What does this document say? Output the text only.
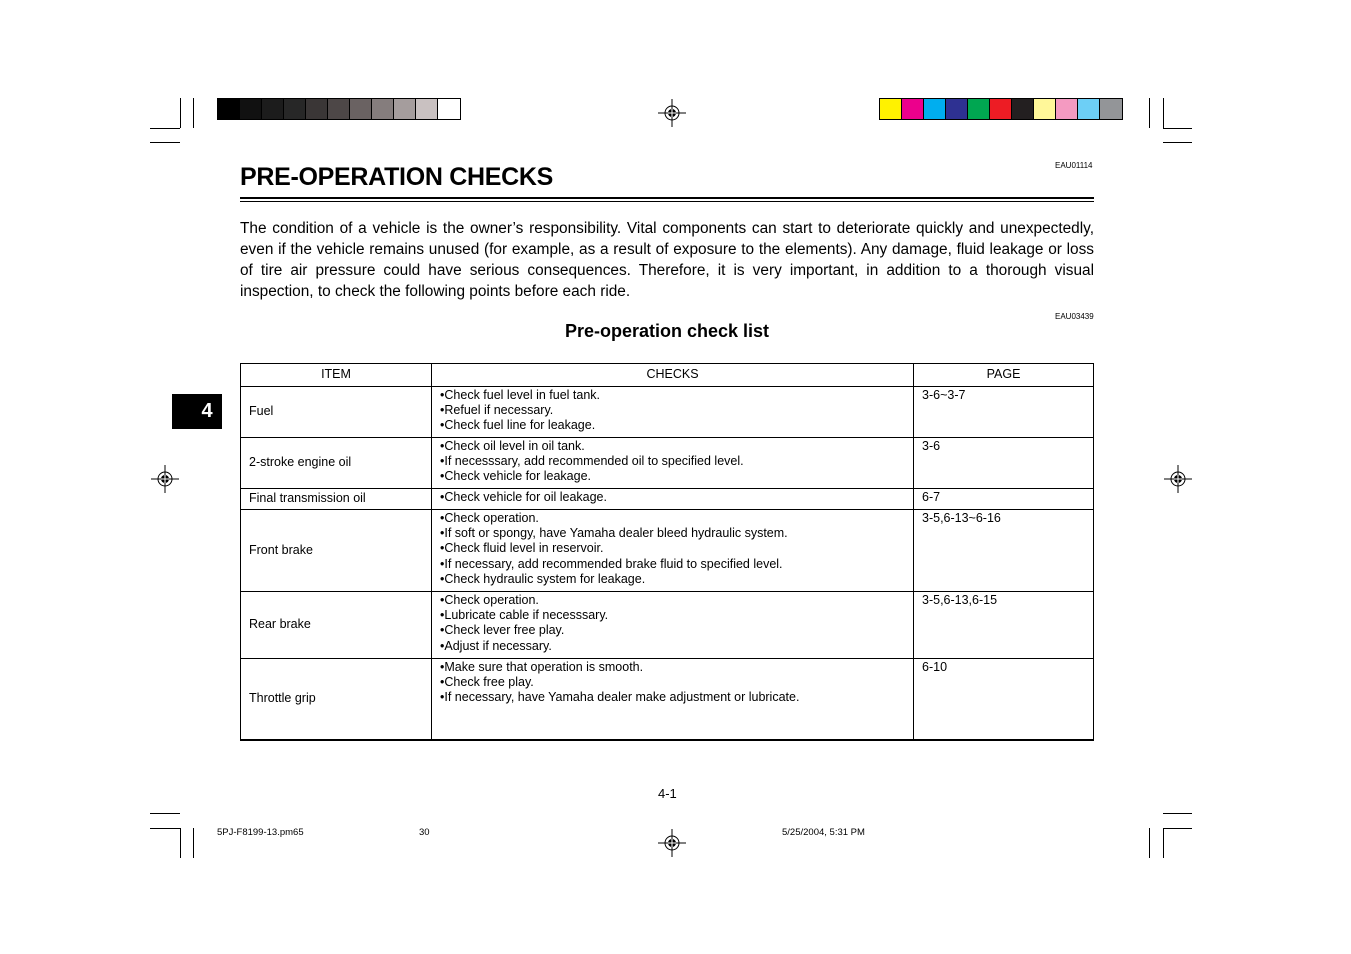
EAU01114
PRE-OPERATION CHECKS

The condition of a vehicle is the owner’s responsibility. Vital components can start to deteriorate quickly and unexpectedly, even if the vehicle remains unused (for example, as a result of exposure to the elements). Any damage, fluid leakage or loss of tire air pressure could have serious consequences. Therefore, it is very important, in addition to a thorough visual inspection, to check the following points before each ride.

EAU03439
Pre-operation check list
4
ITEM	CHECKS	PAGE
Fuel	• Check fuel level in fuel tank.
• Refuel if necessary.
• Check fuel line for leakage.	3-6~3-7
2-stroke engine oil	• Check oil level in oil tank.
• If necesssary, add recommended oil to specified level.
• Check vehicle for leakage.	3-6
Final transmission oil	• Check vehicle for oil leakage.	6-7
Front brake	• Check operation.
• If soft or spongy, have Yamaha dealer bleed hydraulic system.
• Check fluid level in reservoir.
• If necessary, add recommended brake fluid to specified level.
• Check hydraulic system for leakage.	3-5,6-13~6-16
Rear brake	• Check operation.
• Lubricate cable if necesssary.
• Check lever free play.
• Adjust if necessary.	3-5,6-13,6-15
Throttle grip	• Make sure that operation is smooth.
• Check free play.
• If necessary, have Yamaha dealer make adjustment or lubricate.	6-10
4-1
5PJ-F8199-13.pm65	30	5/25/2004, 5:31 PM
